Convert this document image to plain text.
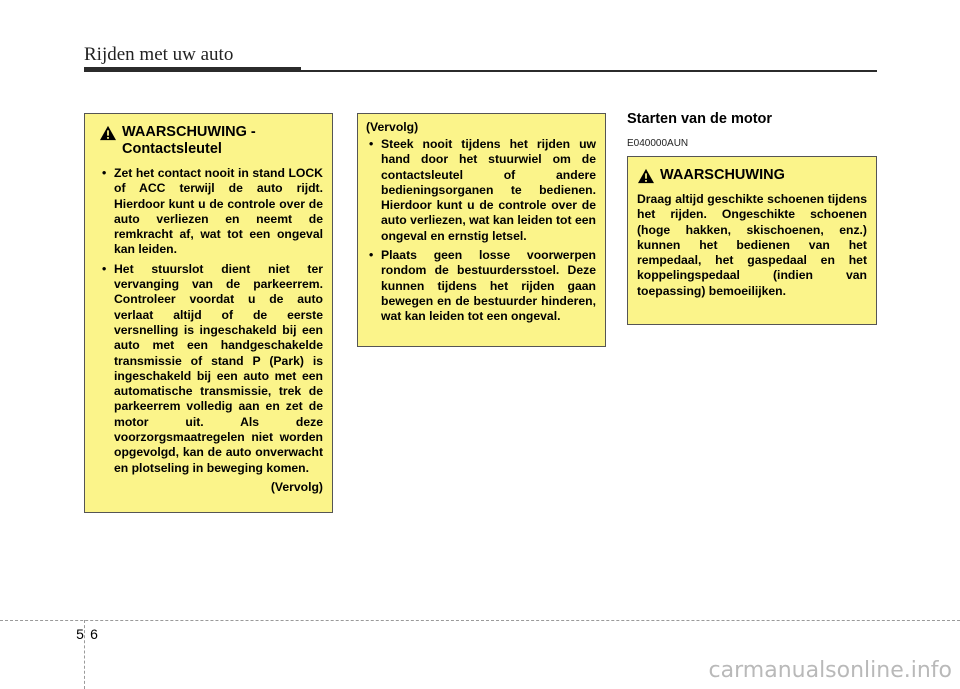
Rijden met uw auto
WAARSCHUWING -
Contactsleutel
• Zet het contact nooit in stand LOCK of ACC terwijl de auto rijdt. Hierdoor kunt u de controle over de auto verliezen en neemt de remkracht af, wat tot een ongeval kan leiden.
• Het stuurslot dient niet ter vervanging van de parkeerrem. Controleer voordat u de auto verlaat altijd of de eerste versnelling is ingeschakeld bij een auto met een handgeschakelde transmissie of stand P (Park) is ingeschakeld bij een auto met een automatische transmissie, trek de parkeerrem volledig aan en zet de motor uit. Als deze voorzorgsmaatregelen niet worden opgevolgd, kan de auto onverwacht en plotseling in beweging komen.
(Vervolg)
(Vervolg)
• Steek nooit tijdens het rijden uw hand door het stuurwiel om de contactsleutel of andere bedieningsorganen te bedienen. Hierdoor kunt u de controle over de auto verliezen, wat kan leiden tot een ongeval en ernstig letsel.
• Plaats geen losse voorwerpen rondom de bestuurdersstoel. Deze kunnen tijdens het rijden gaan bewegen en de bestuurder hinderen, wat kan leiden tot een ongeval.
Starten van de motor
E040000AUN
WAARSCHUWING
Draag altijd geschikte schoenen tijdens het rijden. Ongeschikte schoenen (hoge hakken, skischoenen, enz.) kunnen het bedienen van het rempedaal, het gaspedaal en het koppelingspedaal (indien van toepassing) bemoeilijken.
5 6
carmanualsonline.info
